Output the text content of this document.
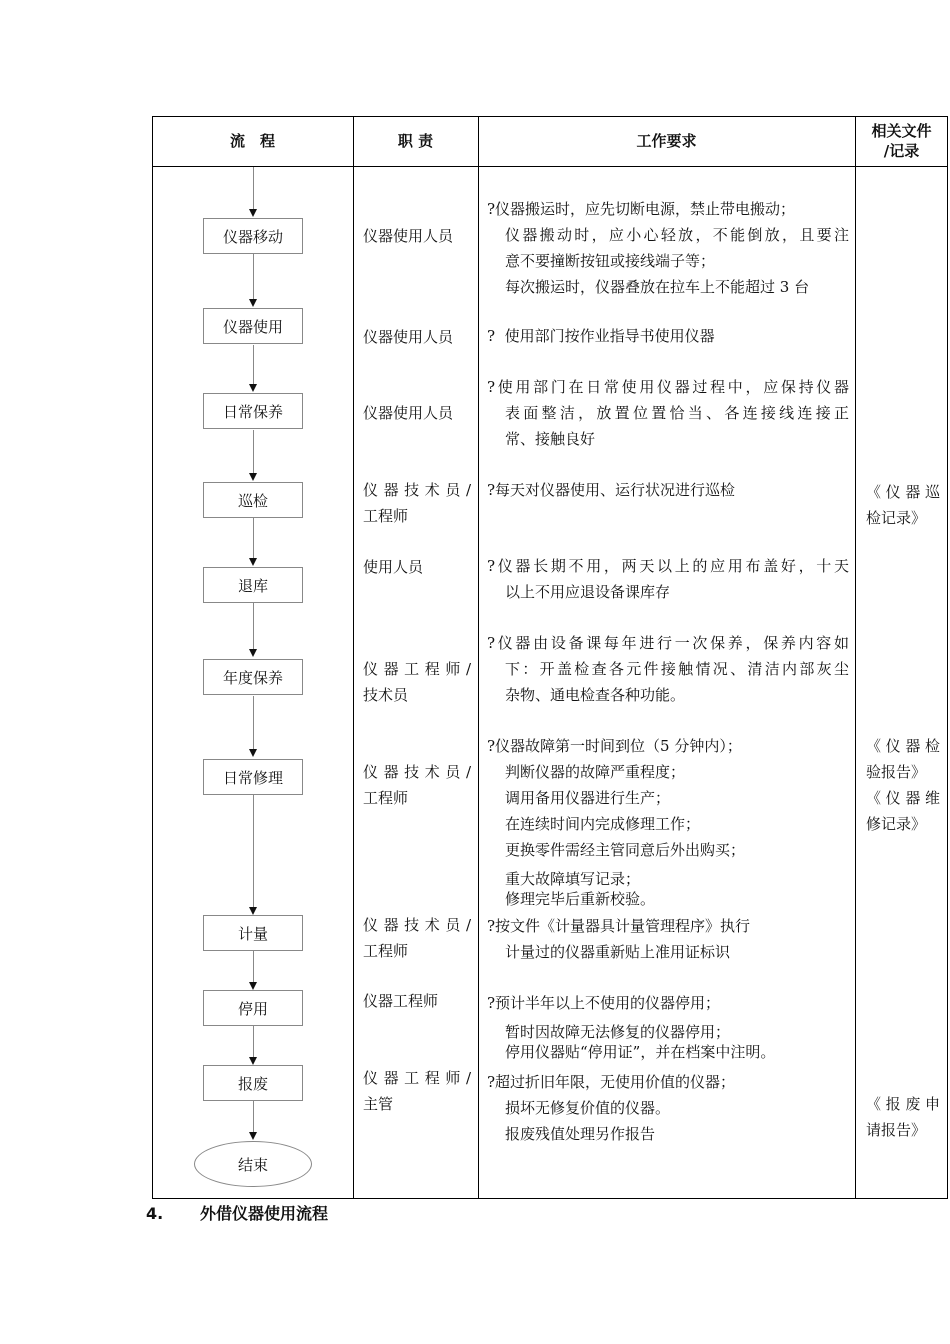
流　程	职 责	工作要求
相关文件
/记录
仪器移动
仪器使用
日常保养
巡检
退库
年度保养
日常修理
计量
停用
报废
结束
仪器使用人员
仪器使用人员
仪器使用人员
仪器技术员/
工程师
使用人员
仪器工程师/
技术员
仪器技术员/
工程师
仪器技术员/
工程师
仪器工程师
仪器工程师/
主管
?仪器搬运时，应先切断电源，禁止带电搬动；
仪器搬动时，应小心轻放，不能倒放，且要注
意不要撞断按钮或接线端子等；
每次搬运时，仪器叠放在拉车上不能超过 3 台
?  使用部门按作业指导书使用仪器
?使用部门在日常使用仪器过程中，应保持仪器
表面整洁，放置位置恰当、各连接线连接正
常、接触良好
?每天对仪器使用、运行状况进行巡检
?仪器长期不用，两天以上的应用布盖好，十天
以上不用应退设备课库存
?仪器由设备课每年进行一次保养，保养内容如
下：开盖检查各元件接触情况、清洁内部灰尘
杂物、通电检查各种功能。
?仪器故障第一时间到位（5 分钟内）；
判断仪器的故障严重程度；
调用备用仪器进行生产；
在连续时间内完成修理工作；
更换零件需经主管同意后外出购买；
重大故障填写记录；
修理完毕后重新校验。
?按文件《计量器具计量管理程序》执行
计量过的仪器重新贴上准用证标识
?预计半年以上不使用的仪器停用；
暂时因故障无法修复的仪器停用；
停用仪器贴“停用证”，并在档案中注明。
?超过折旧年限，无使用价值的仪器；
损坏无修复价值的仪器。
报废残值处理另作报告
《仪器巡
检记录》
《仪器检
验报告》
《仪器维
修记录》
《报废申
请报告》
4. 外借仪器使用流程
